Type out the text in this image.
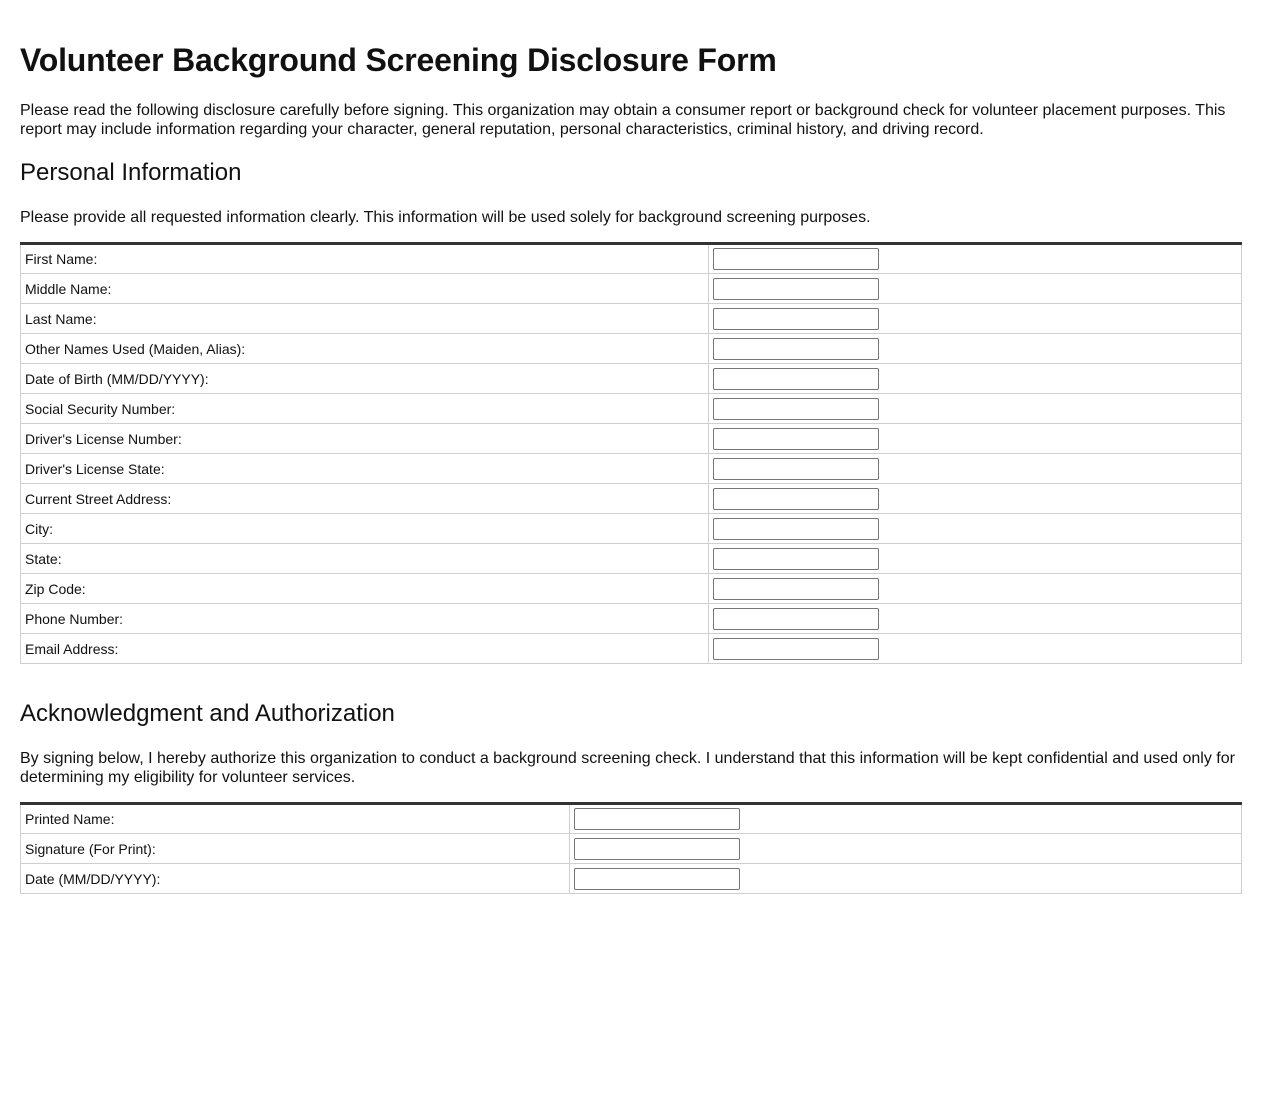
Volunteer Background Screening Disclosure Form

Please read the following disclosure carefully before signing. This organization may obtain a consumer report or background check for volunteer placement purposes. This report may include information regarding your character, general reputation, personal characteristics, criminal history, and driving record.

Personal Information

Please provide all requested information clearly. This information will be used solely for background screening purposes.

First Name:	

Middle Name:	

Last Name:	

Other Names Used (Maiden, Alias):	

Date of Birth (MM/DD/YYYY):	

Social Security Number:	

Driver's License Number:	

Driver's License State:	

Current Street Address:	

City:	

State:	

Zip Code:	

Phone Number:	

Email Address:	
Acknowledgment and Authorization

By signing below, I hereby authorize this organization to conduct a background screening check. I understand that this information will be kept confidential and used only for determining my eligibility for volunteer services.

Printed Name:	

Signature (For Print):	

Date (MM/DD/YYYY):	
